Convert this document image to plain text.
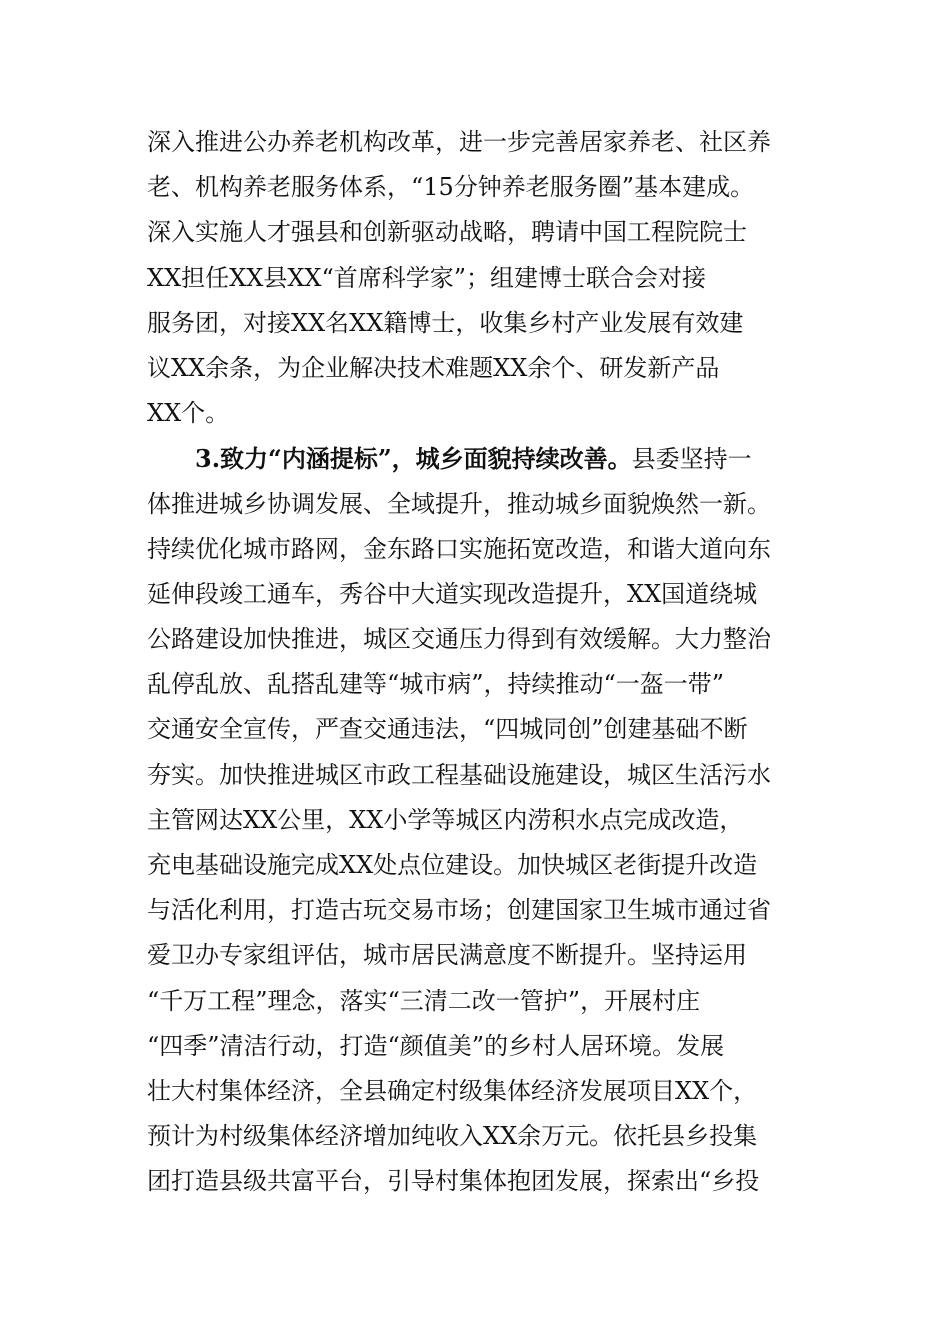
深入推进公办养老机构改革，进一步完善居家养老、社区养
老、机构养老服务体系，“15分钟养老服务圈”基本建成。
深入实施人才强县和创新驱动战略，聘请中国工程院院士
XX担任XX县XX“首席科学家”；组建博士联合会对接
服务团，对接XX名XX籍博士，收集乡村产业发展有效建
议XX余条，为企业解决技术难题XX余个、研发新产品
XX个。
3.致力“内涵提标”，城乡面貌持续改善。县委坚持一
体推进城乡协调发展、全域提升，推动城乡面貌焕然一新。
持续优化城市路网，金东路口实施拓宽改造，和谐大道向东
延伸段竣工通车，秀谷中大道实现改造提升，XX国道绕城
公路建设加快推进，城区交通压力得到有效缓解。大力整治
乱停乱放、乱搭乱建等“城市病”，持续推动“一盔一带”
交通安全宣传，严查交通违法，“四城同创”创建基础不断
夯实。加快推进城区市政工程基础设施建设，城区生活污水
主管网达XX公里，XX小学等城区内涝积水点完成改造，
充电基础设施完成XX处点位建设。加快城区老街提升改造
与活化利用，打造古玩交易市场；创建国家卫生城市通过省
爱卫办专家组评估，城市居民满意度不断提升。坚持运用
“千万工程”理念，落实“三清二改一管护”，开展村庄
“四季”清洁行动，打造“颜值美”的乡村人居环境。发展
壮大村集体经济，全县确定村级集体经济发展项目XX个，
预计为村级集体经济增加纯收入XX余万元。依托县乡投集
团打造县级共富平台，引导村集体抱团发展，探索出“乡投
